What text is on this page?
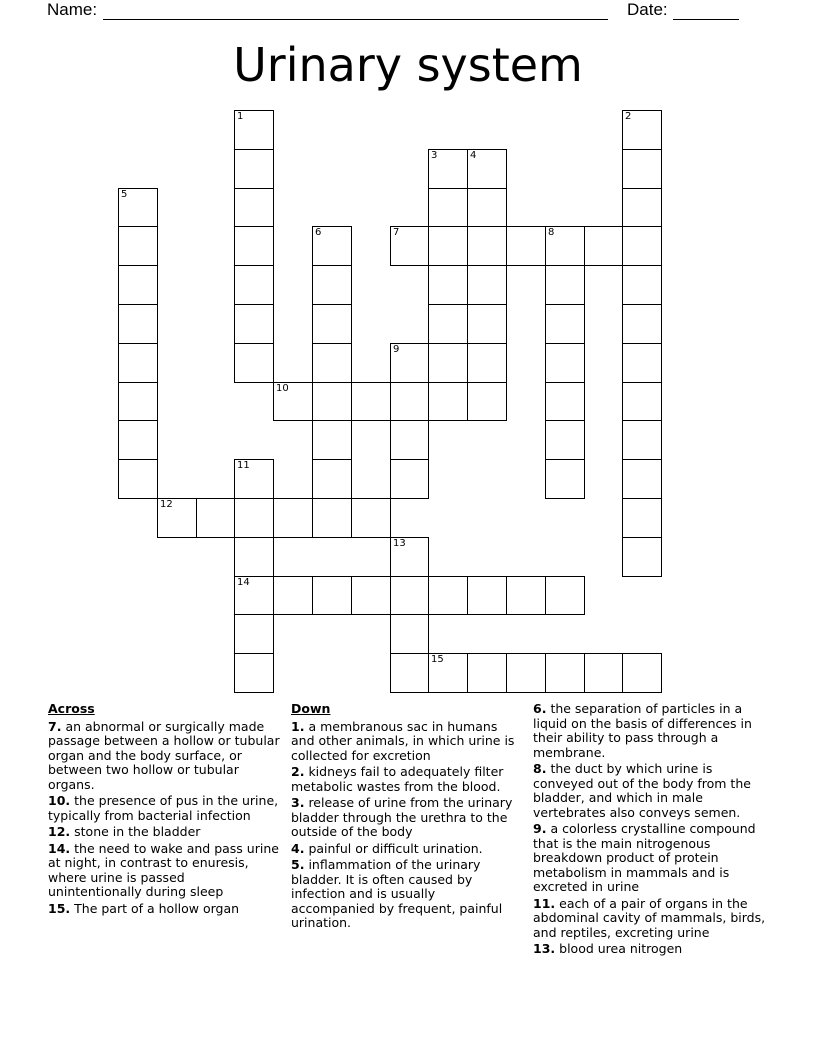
Name:	Date:
Urinary system
1	2
3	4
5
6	8
9
11
14
13
7
10
12
15
Across
7. an abnormal or surgically made passage between a hollow or tubular organ and the body surface, or between two hollow or tubular organs.
10. the presence of pus in the urine, typically from bacterial infection
12. stone in the bladder
14. the need to wake and pass urine at night, in contrast to enuresis, where urine is passed unintentionally during sleep
15. The part of a hollow organ
Down
1. a membranous sac in humans and other animals, in which urine is collected for excretion
2. kidneys fail to adequately filter metabolic wastes from the blood.
3. release of urine from the urinary bladder through the urethra to the outside of the body
4. painful or difficult urination.
5. inflammation of the urinary bladder. It is often caused by infection and is usually accompanied by frequent, painful urination.
6. the separation of particles in a liquid on the basis of differences in their ability to pass through a membrane.
8. the duct by which urine is conveyed out of the body from the bladder, and which in male vertebrates also conveys semen.
9. a colorless crystalline compound that is the main nitrogenous breakdown product of protein metabolism in mammals and is excreted in urine
11. each of a pair of organs in the abdominal cavity of mammals, birds, and reptiles, excreting urine
13. blood urea nitrogen
